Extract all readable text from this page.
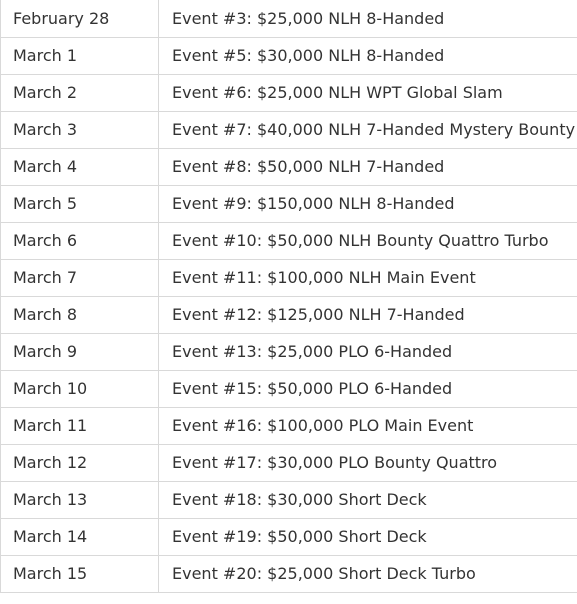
February 28	Event #3: $25,000 NLH 8-Handed
March 1	Event #5: $30,000 NLH 8-Handed
March 2	Event #6: $25,000 NLH WPT Global Slam
March 3	Event #7: $40,000 NLH 7-Handed Mystery Bounty
March 4	Event #8: $50,000 NLH 7-Handed
March 5	Event #9: $150,000 NLH 8-Handed
March 6	Event #10: $50,000 NLH Bounty Quattro Turbo
March 7	Event #11: $100,000 NLH Main Event
March 8	Event #12: $125,000 NLH 7-Handed
March 9	Event #13: $25,000 PLO 6-Handed
March 10	Event #15: $50,000 PLO 6-Handed
March 11	Event #16: $100,000 PLO Main Event
March 12	Event #17: $30,000 PLO Bounty Quattro
March 13	Event #18: $30,000 Short Deck
March 14	Event #19: $50,000 Short Deck
March 15	Event #20: $25,000 Short Deck Turbo
